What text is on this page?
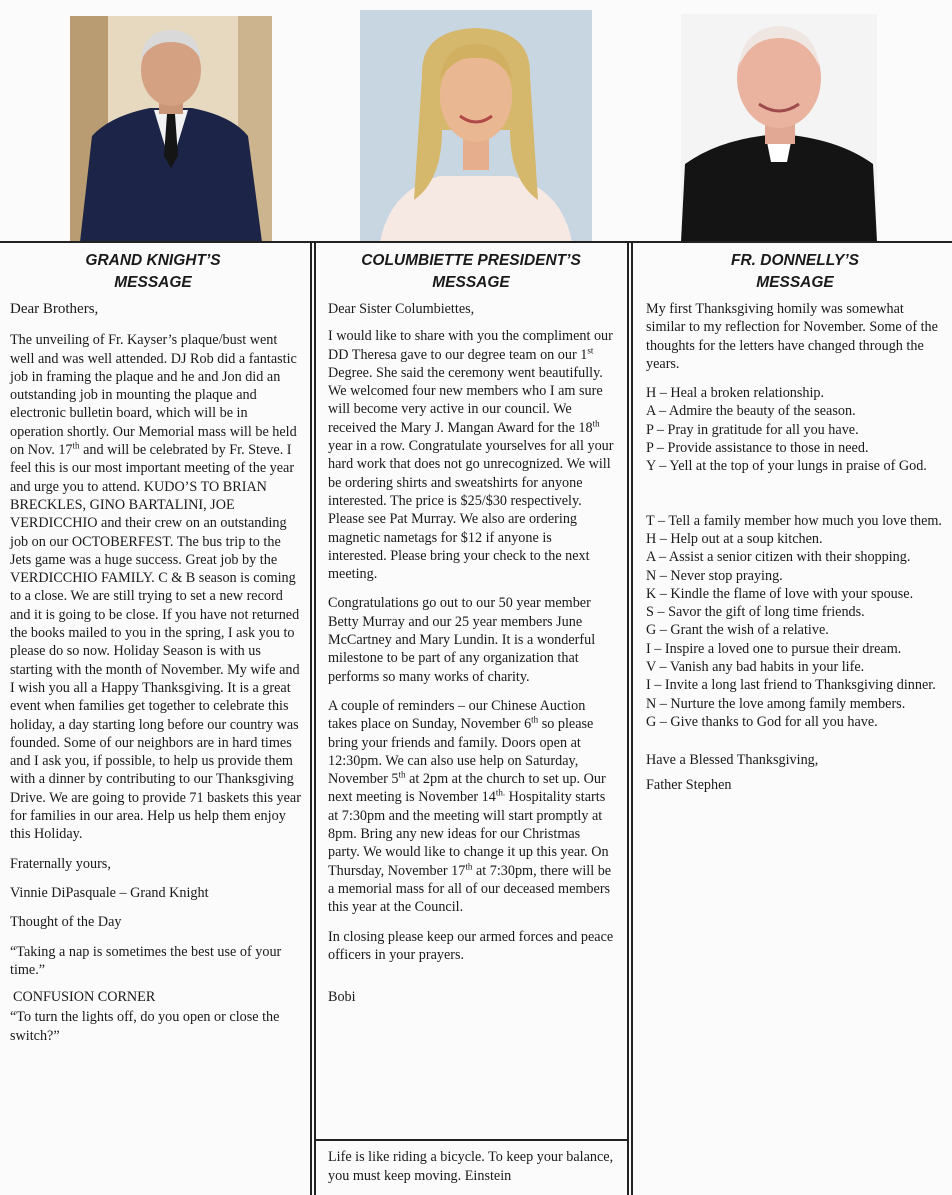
GRAND KNIGHT’S
MESSAGE

Dear Brothers,

The unveiling of Fr. Kayser’s plaque/bust went well and was well attended. DJ Rob did a fantastic job in framing the plaque and he and Jon did an outstanding job in mounting the plaque and electronic bulletin board, which will be in operation shortly. Our Memorial mass will be held on Nov. 17th and will be celebrated by Fr. Steve. I feel this is our most important meeting of the year and urge you to attend. KUDO’S TO BRIAN BRECKLES, GINO BARTALINI, JOE VERDICCHIO and their crew on an outstanding job on our OCTOBERFEST. The bus trip to the Jets game was a huge success. Great job by the VERDICCHIO FAMILY. C & B season is coming to a close. We are still trying to set a new record and it is going to be close. If you have not returned the books mailed to you in the spring, I ask you to please do so now. Holiday Season is with us starting with the month of November. My wife and I wish you all a Happy Thanksgiving. It is a great event when families get together to celebrate this holiday, a day starting long before our country was founded. Some of our neighbors are in hard times and I ask you, if possible, to help us provide them with a dinner by contributing to our Thanksgiving Drive. We are going to provide 71 baskets this year for families in our area. Help us help them enjoy this Holiday.

Fraternally yours,

Vinnie DiPasquale – Grand Knight

Thought of the Day

“Taking a nap is sometimes the best use of your time.”

CONFUSION CORNER

“To turn the lights off, do you open or close the switch?”

COLUMBIETTE PRESIDENT’S
MESSAGE

Dear Sister Columbiettes,

I would like to share with you the compliment our DD Theresa gave to our degree team on our 1st Degree. She said the ceremony went beautifully. We welcomed four new members who I am sure will become very active in our council. We received the Mary J. Mangan Award for the 18th year in a row. Congratulate yourselves for all your hard work that does not go unrecognized. We will be ordering shirts and sweatshirts for anyone interested. The price is $25/$30 respectively. Please see Pat Murray. We also are ordering magnetic nametags for $12 if anyone is interested. Please bring your check to the next meeting.

Congratulations go out to our 50 year member Betty Murray and our 25 year members June McCartney and Mary Lundin. It is a wonderful milestone to be part of any organization that performs so many works of charity.

A couple of reminders – our Chinese Auction takes place on Sunday, November 6th so please bring your friends and family. Doors open at 12:30pm. We can also use help on Saturday, November 5th at 2pm at the church to set up. Our next meeting is November $14^{th.}$ Hospitality starts at 7:30pm and the meeting will start promptly at 8pm. Bring any new ideas for our Christmas party. We would like to change it up this year. On Thursday, November 17th at 7:30pm, there will be a memorial mass for all of our deceased members this year at the Council.

In closing please keep our armed forces and peace officers in your prayers.

Bobi

Life is like riding a bicycle. To keep your balance, you must keep moving. Einstein
FR. DONNELLY’S
MESSAGE

My first Thanksgiving homily was somewhat similar to my reflection for November. Some of the thoughts for the letters have changed through the years.

H – Heal a broken relationship.
A – Admire the beauty of the season.
P – Pray in gratitude for all you have.
P – Provide assistance to those in need.
Y – Yell at the top of your lungs in praise of God.
T – Tell a family member how much you love them.
H – Help out at a soup kitchen.
A – Assist a senior citizen with their shopping.
N – Never stop praying.
K – Kindle the flame of love with your spouse.
S – Savor the gift of long time friends.
G – Grant the wish of a relative.
I – Inspire a loved one to pursue their dream.
V – Vanish any bad habits in your life.
I – Invite a long last friend to Thanksgiving dinner.
N – Nurture the love among family members.
G – Give thanks to God for all you have.

Have a Blessed Thanksgiving,

Father Stephen
